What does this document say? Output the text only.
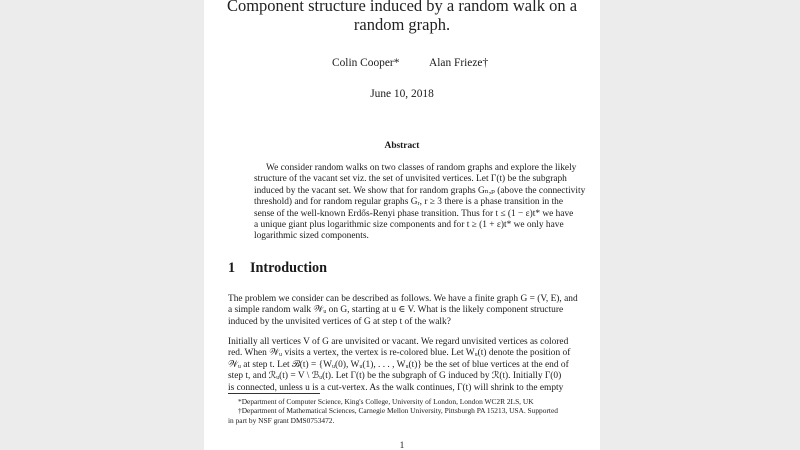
Component structure induced by a random walk on a
random graph.
Colin Cooper*	Alan Frieze†
June 10, 2018
Abstract
We consider random walks on two classes of random graphs and explore the likely
structure of the vacant set viz. the set of unvisited vertices. Let Γ(t) be the subgraph
induced by the vacant set. We show that for random graphs Gₙ,ₚ (above the connectivity
threshold) and for random regular graphs Gᵣ, r ≥ 3 there is a phase transition in the
sense of the well-known Erdős-Renyi phase transition. Thus for t ≤ (1 − ε)t* we have
a unique giant plus logarithmic size components and for t ≥ (1 + ε)t* we only have
logarithmic sized components.
1 Introduction
The problem we consider can be described as follows. We have a finite graph G = (V, E), and
a simple random walk 𝒲ᵤ on G, starting at u ∈ V. What is the likely component structure
induced by the unvisited vertices of G at step t of the walk?
Initially all vertices V of G are unvisited or vacant. We regard unvisited vertices as colored
red. When 𝒲ᵤ visits a vertex, the vertex is re-colored blue. Let Wᵤ(t) denote the position of
𝒲ᵤ at step t. Let ℬ(t) = {Wᵤ(0), Wᵤ(1), . . . , Wᵤ(t)} be the set of blue vertices at the end of
step t, and ℛᵤ(t) = V \ ℬᵤ(t). Let Γ(t) be the subgraph of G induced by ℛ(t). Initially Γ(0)
is connected, unless u is a cut-vertex. As the walk continues, Γ(t) will shrink to the empty
*Department of Computer Science, King's College, University of London, London WC2R 2LS, UK
†Department of Mathematical Sciences, Carnegie Mellon University, Pittsburgh PA 15213, USA. Supported
in part by NSF grant DMS0753472.
1
